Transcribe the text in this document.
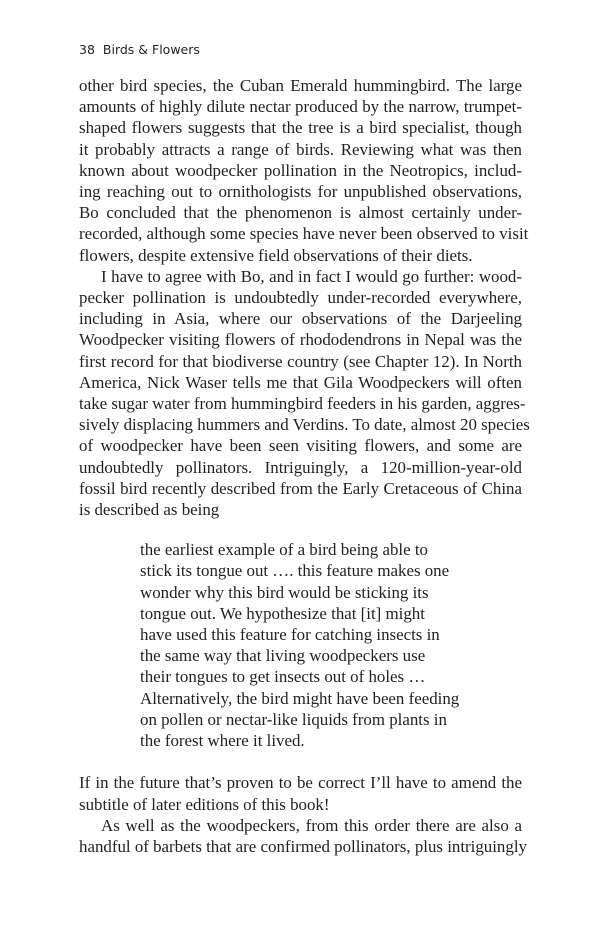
38 Birds & Flowers

other bird species, the Cuban Emerald hummingbird. The large
amounts of highly dilute nectar produced by the narrow, trumpet-
shaped flowers suggests that the tree is a bird specialist, though
it probably attracts a range of birds. Reviewing what was then
known about woodpecker pollination in the Neotropics, includ-
ing reaching out to ornithologists for unpublished observations,
Bo concluded that the phenomenon is almost certainly under-
recorded, although some species have never been observed to visit
flowers, despite extensive field observations of their diets.

I have to agree with Bo, and in fact I would go further: wood-
pecker pollination is undoubtedly under-recorded everywhere,
including in Asia, where our observations of the Darjeeling
Woodpecker visiting flowers of rhododendrons in Nepal was the
first record for that biodiverse country (see Chapter 12). In North
America, Nick Waser tells me that Gila Woodpeckers will often
take sugar water from hummingbird feeders in his garden, aggres-
sively displacing hummers and Verdins. To date, almost 20 species
of woodpecker have been seen visiting flowers, and some are
undoubtedly pollinators. Intriguingly, a 120-million-year-old
fossil bird recently described from the Early Cretaceous of China
is described as being

the earliest example of a bird being able to
stick its tongue out …. this feature makes one
wonder why this bird would be sticking its
tongue out. We hypothesize that [it] might
have used this feature for catching insects in
the same way that living woodpeckers use
their tongues to get insects out of holes …
Alternatively, the bird might have been feeding
on pollen or nectar-like liquids from plants in
the forest where it lived.

If in the future that’s proven to be correct I’ll have to amend the
subtitle of later editions of this book!

As well as the woodpeckers, from this order there are also a
handful of barbets that are confirmed pollinators, plus intriguingly
